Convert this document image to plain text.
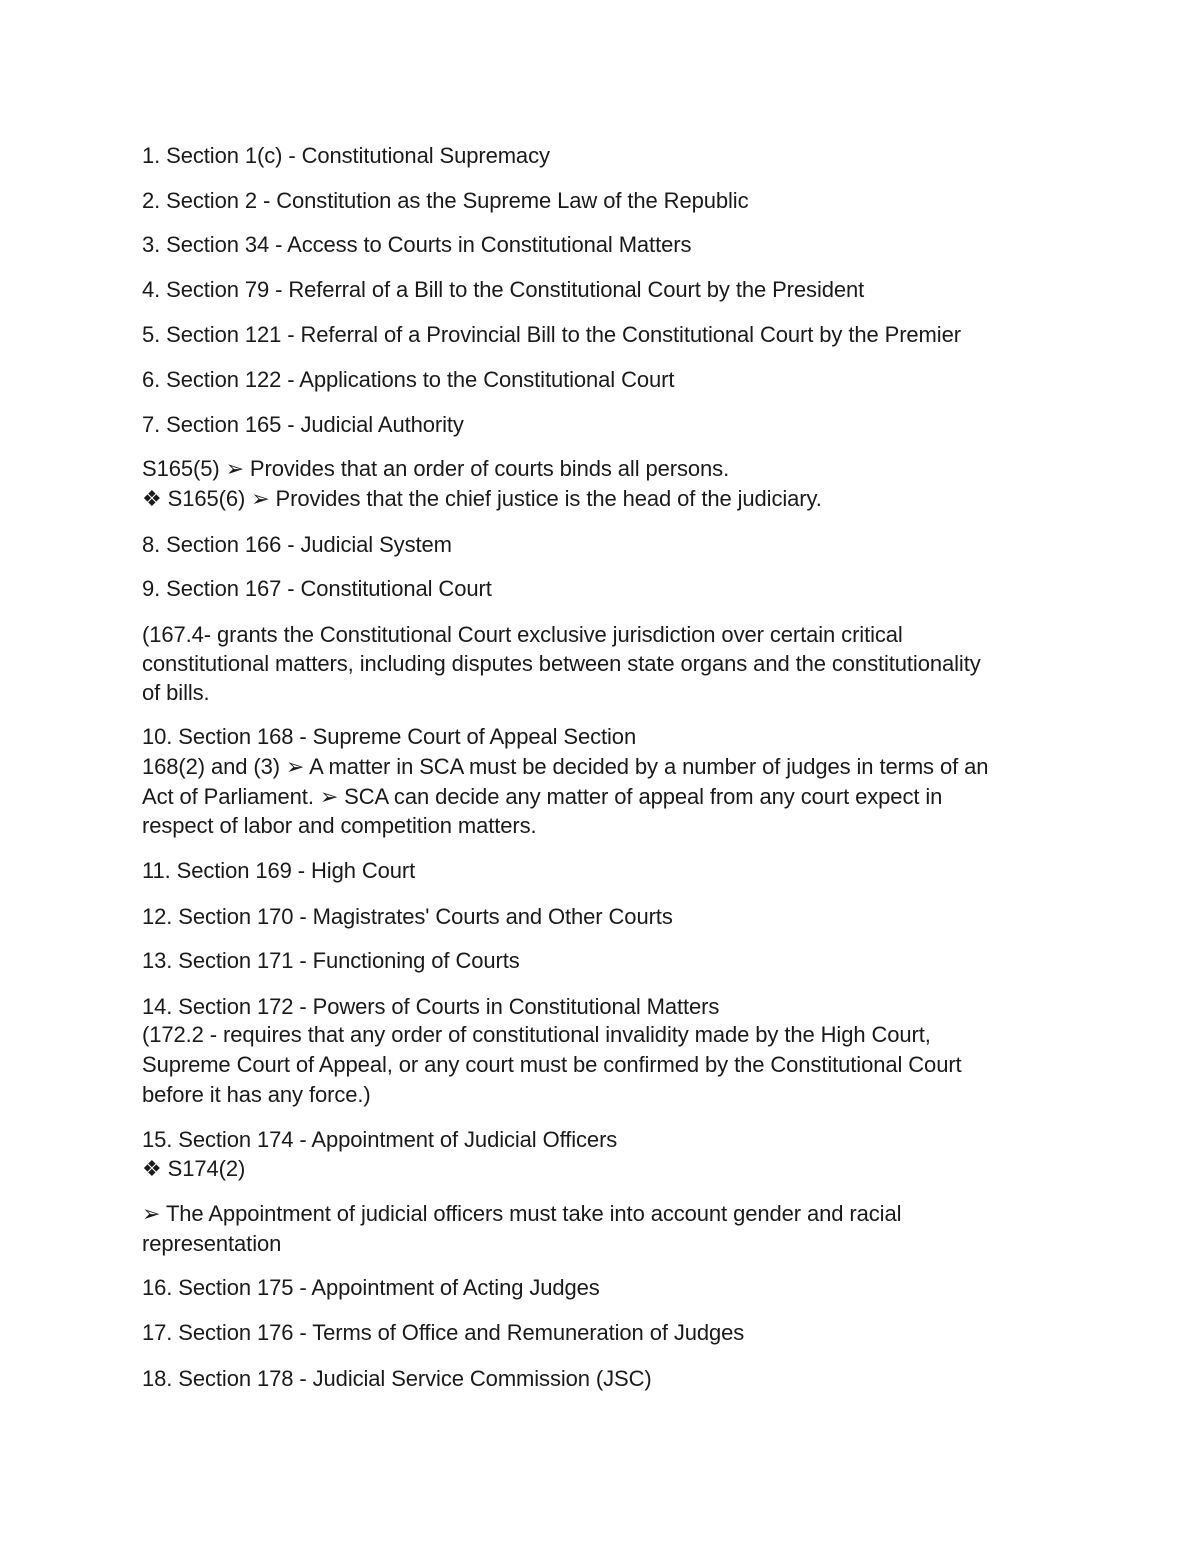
1. Section 1(c) - Constitutional Supremacy
2. Section 2 - Constitution as the Supreme Law of the Republic
3. Section 34 - Access to Courts in Constitutional Matters
4. Section 79 - Referral of a Bill to the Constitutional Court by the President
5. Section 121 - Referral of a Provincial Bill to the Constitutional Court by the Premier
6. Section 122 - Applications to the Constitutional Court
7. Section 165 - Judicial Authority
S165(5) ➢ Provides that an order of courts binds all persons.
❖ S165(6) ➢ Provides that the chief justice is the head of the judiciary.
8. Section 166 - Judicial System
9. Section 167 - Constitutional Court
(167.4- grants the Constitutional Court exclusive jurisdiction over certain critical
constitutional matters, including disputes between state organs and the constitutionality
of bills.
10. Section 168 - Supreme Court of Appeal Section
168(2) and (3) ➢ A matter in SCA must be decided by a number of judges in terms of an
Act of Parliament. ➢ SCA can decide any matter of appeal from any court expect in
respect of labor and competition matters.
11. Section 169 - High Court
12. Section 170 - Magistrates' Courts and Other Courts
13. Section 171 - Functioning of Courts
14. Section 172 - Powers of Courts in Constitutional Matters
(172.2 - requires that any order of constitutional invalidity made by the High Court,
Supreme Court of Appeal, or any court must be confirmed by the Constitutional Court
before it has any force.)
15. Section 174 - Appointment of Judicial Officers
❖ S174(2)
➢ The Appointment of judicial officers must take into account gender and racial
representation
16. Section 175 - Appointment of Acting Judges
17. Section 176 - Terms of Office and Remuneration of Judges
18. Section 178 - Judicial Service Commission (JSC)
